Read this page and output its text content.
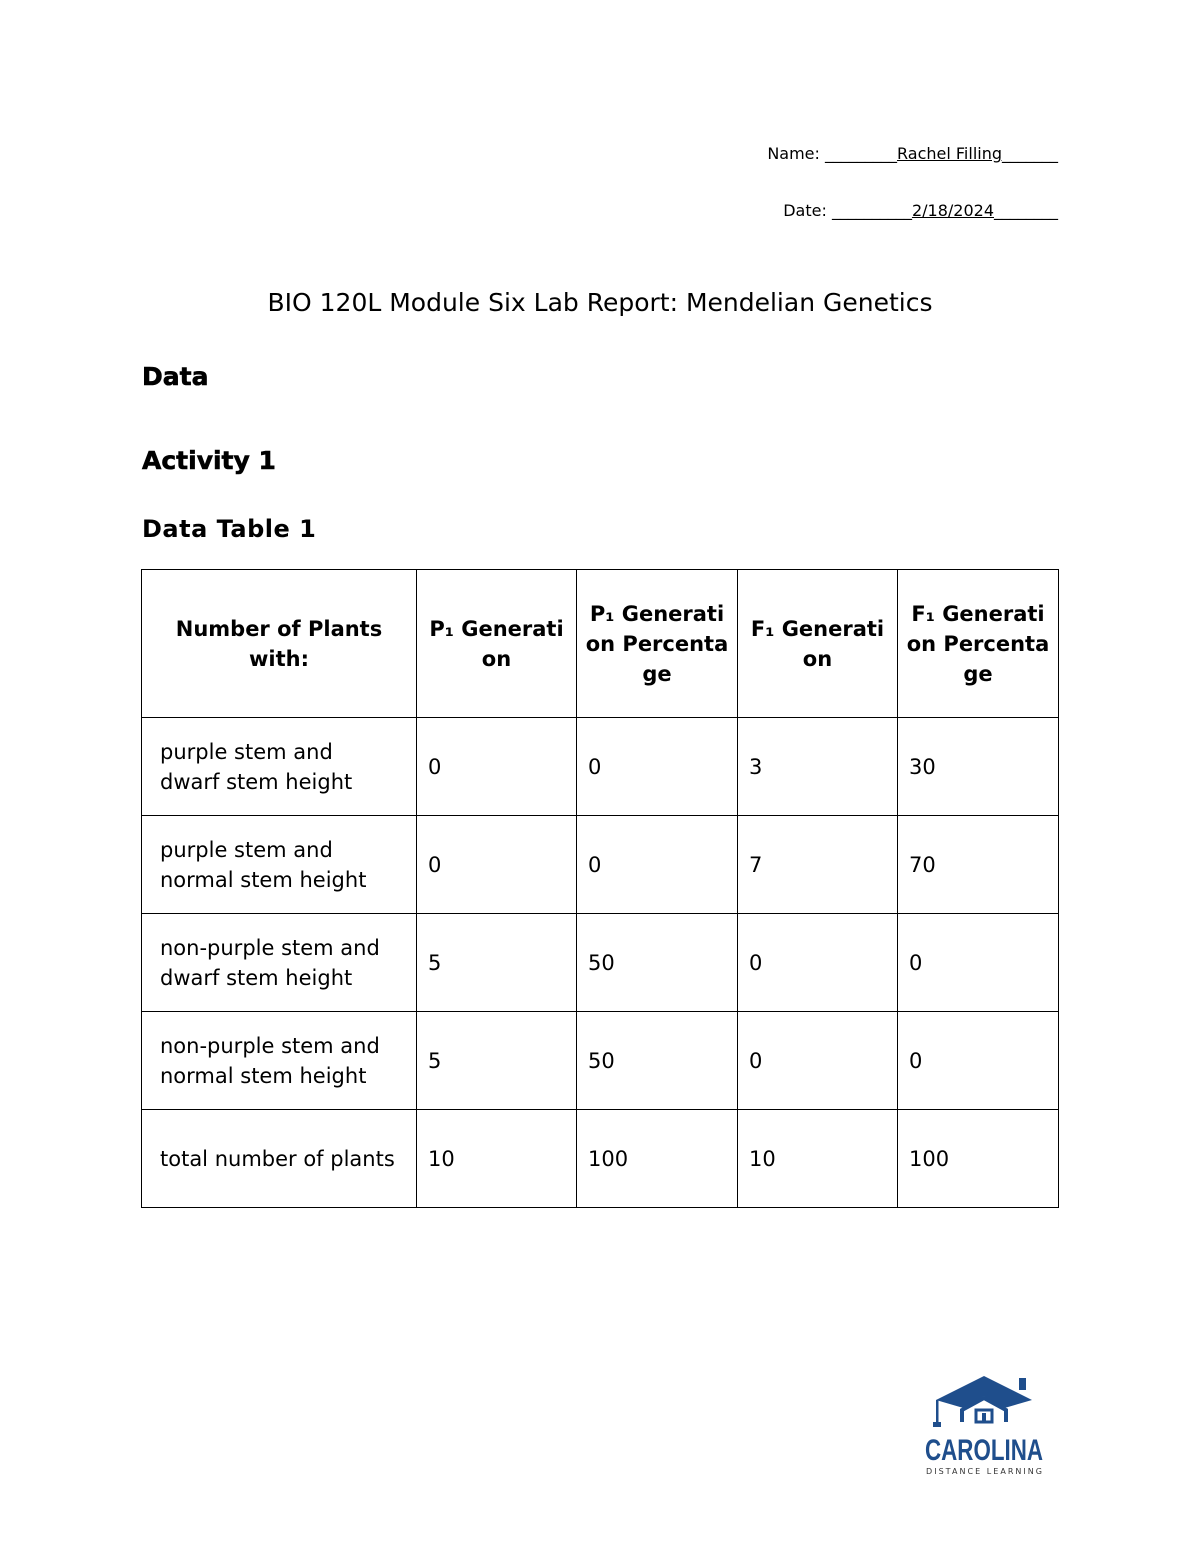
Name: _________Rachel Filling_______
Date: __________2/18/2024________
BIO 120L Module Six Lab Report: Mendelian Genetics
Data
Activity 1
Data Table 1
Number of Plants with:	P₁ Generation	P₁ Generation Percentage	F₁ Generation	F₁ Generation Percentage
purple stem and dwarf stem height	0	0	3	30
purple stem and normal stem height	0	0	7	70
non-purple stem and dwarf stem height	5	50	0	0
non-purple stem and normal stem height	5	50	0	0
total number of plants	10	100	10	100
CAROLINA
DISTANCE LEARNING
